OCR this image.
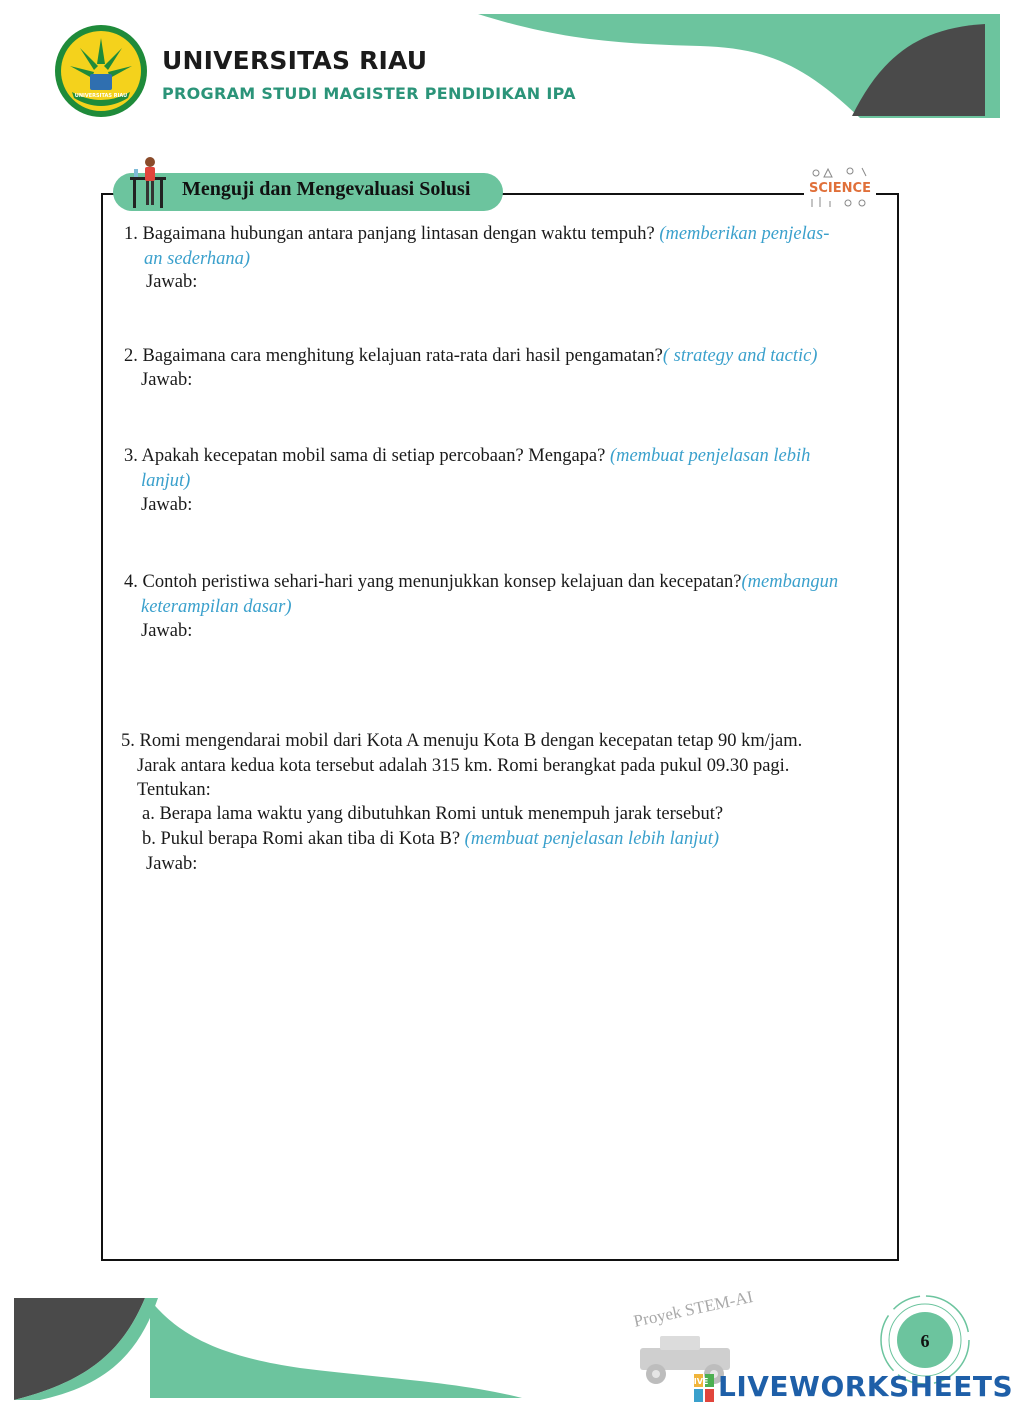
UNIVERSITAS RIAU
UNIVERSITAS RIAU
PROGRAM STUDI MAGISTER PENDIDIKAN IPA
Menguji dan Mengevaluasi Solusi	SCIENCE
1. Bagaimana hubungan antara panjang lintasan dengan waktu tempuh? (memberikan penjelas-
an sederhana)
Jawab:
2. Bagaimana cara menghitung kelajuan rata-rata dari hasil pengamatan?( strategy and tactic)
Jawab:
3. Apakah kecepatan mobil sama di setiap percobaan? Mengapa? (membuat penjelasan lebih
lanjut)
Jawab:
4. Contoh peristiwa sehari-hari yang menunjukkan konsep kelajuan dan kecepatan?(membangun
keterampilan dasar)
Jawab:
5. Romi mengendarai mobil dari Kota A menuju Kota B dengan kecepatan tetap 90 km/jam.
Jarak antara kedua kota tersebut adalah 315 km. Romi berangkat pada pukul 09.30 pagi.
Tentukan:
a. Berapa lama waktu yang dibutuhkan Romi untuk menempuh jarak tersebut?
b. Pukul berapa Romi akan tiba di Kota B? (membuat penjelasan lebih lanjut)
Jawab:
Proyek STEM-AI
6
LIVE LIVEWORKSHEETS
